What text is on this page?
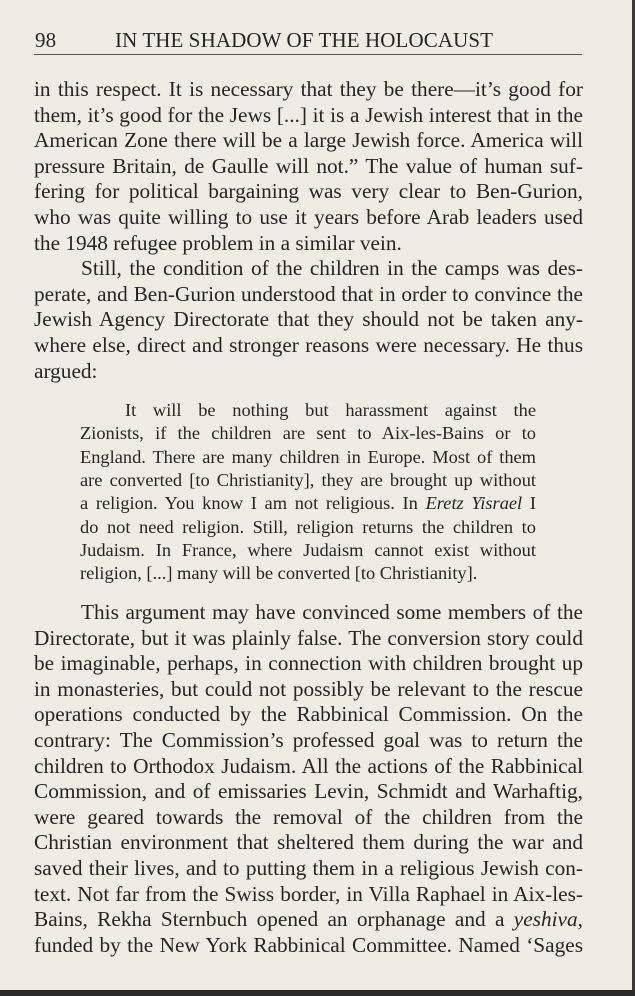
98	IN THE SHADOW OF THE HOLOCAUST
in this respect. It is necessary that they be there—it’s good for
them, it’s good for the Jews [...] it is a Jewish interest that in the
American Zone there will be a large Jewish force. America will
pressure Britain, de Gaulle will not.” The value of human suf-
fering for political bargaining was very clear to Ben-Gurion,
who was quite willing to use it years before Arab leaders used
the 1948 refugee problem in a similar vein.
Still, the condition of the children in the camps was des-
perate, and Ben-Gurion understood that in order to convince the
Jewish Agency Directorate that they should not be taken any-
where else, direct and stronger reasons were necessary. He thus
argued:
It will be nothing but harassment against the
Zionists, if the children are sent to Aix-les-Bains or to
England. There are many children in Europe. Most of them
are converted [to Christianity], they are brought up without
a religion. You know I am not religious. In Eretz Yisrael I
do not need religion. Still, religion returns the children to
Judaism. In France, where Judaism cannot exist without
religion, [...] many will be converted [to Christianity].
This argument may have convinced some members of the
Directorate, but it was plainly false. The conversion story could
be imaginable, perhaps, in connection with children brought up
in monasteries, but could not possibly be relevant to the rescue
operations conducted by the Rabbinical Commission. On the
contrary: The Commission’s professed goal was to return the
children to Orthodox Judaism. All the actions of the Rabbinical
Commission, and of emissaries Levin, Schmidt and Warhaftig,
were geared towards the removal of the children from the
Christian environment that sheltered them during the war and
saved their lives, and to putting them in a religious Jewish con-
text. Not far from the Swiss border, in Villa Raphael in Aix-les-
Bains, Rekha Sternbuch opened an orphanage and a yeshiva,
funded by the New York Rabbinical Committee. Named ‘Sages
